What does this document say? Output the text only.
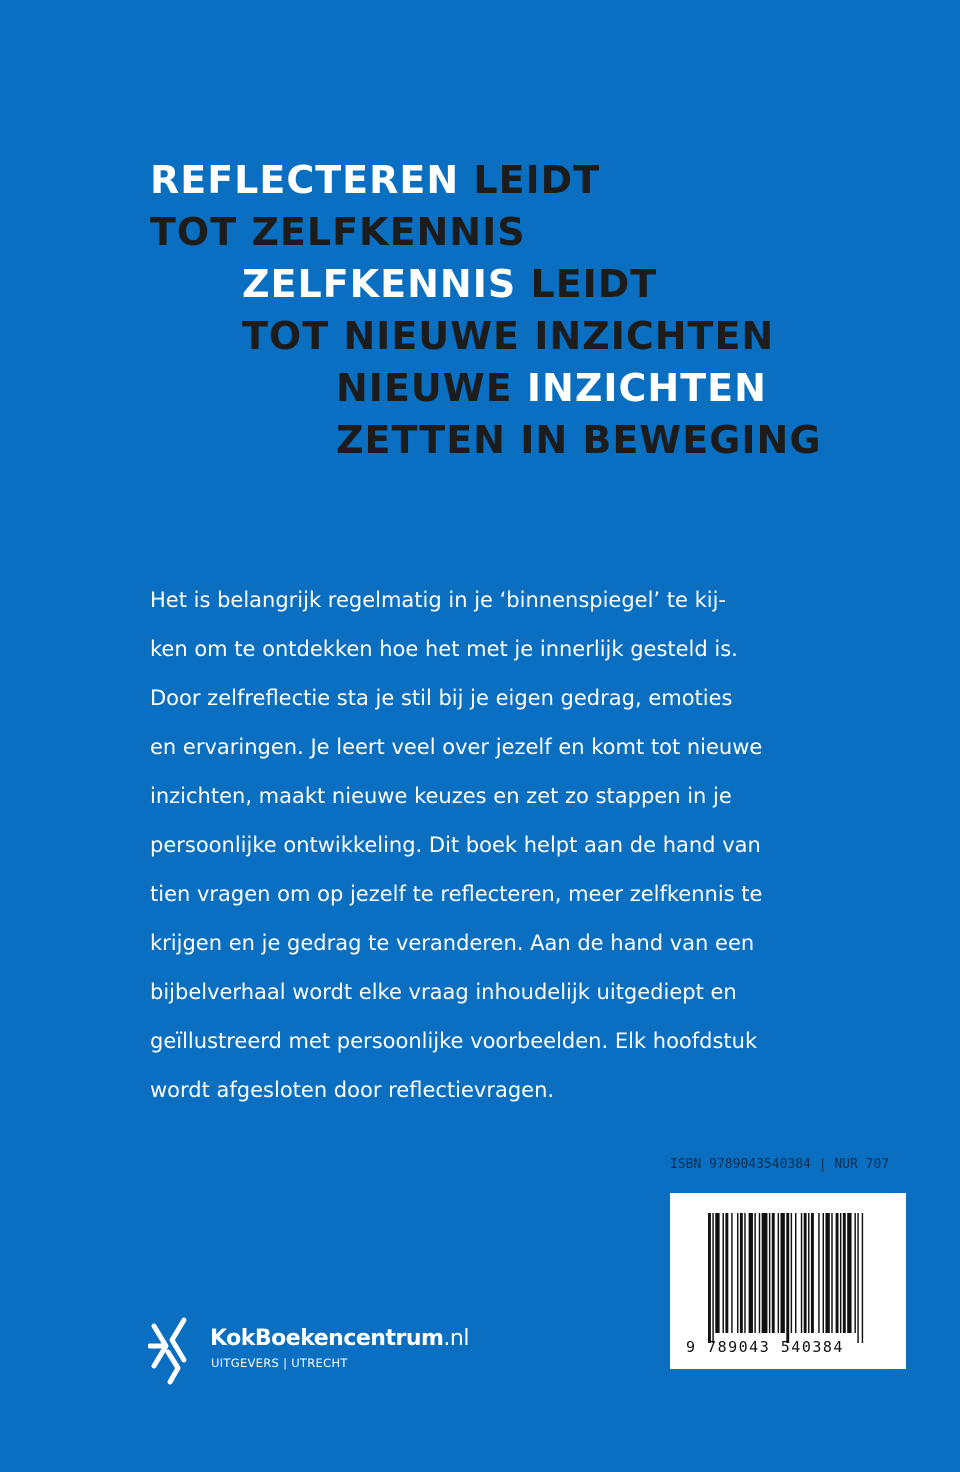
REFLECTEREN LEIDT
TOT ZELFKENNIS
ZELFKENNIS LEIDT
TOT NIEUWE INZICHTEN
NIEUWE INZICHTEN
ZETTEN IN BEWEGING

Het is belangrijk regelmatig in je ‘binnenspiegel’ te kij-
ken om te ontdekken hoe het met je innerlijk gesteld is.
Door zelfreflectie sta je stil bij je eigen gedrag, emoties
en ervaringen. Je leert veel over jezelf en komt tot nieuwe
inzichten, maakt nieuwe keuzes en zet zo stappen in je
persoonlijke ontwikkeling. Dit boek helpt aan de hand van
tien vragen om op jezelf te reflecteren, meer zelfkennis te
krijgen en je gedrag te veranderen. Aan de hand van een
bijbelverhaal wordt elke vraag inhoudelijk uitgediept en
geïllustreerd met persoonlijke voorbeelden. Elk hoofdstuk
wordt afgesloten door reflectievragen.

ISBN 9789043540384 | NUR 707
9 789043 540384
KokBoekencentrum.nl
UITGEVERS | UTRECHT
